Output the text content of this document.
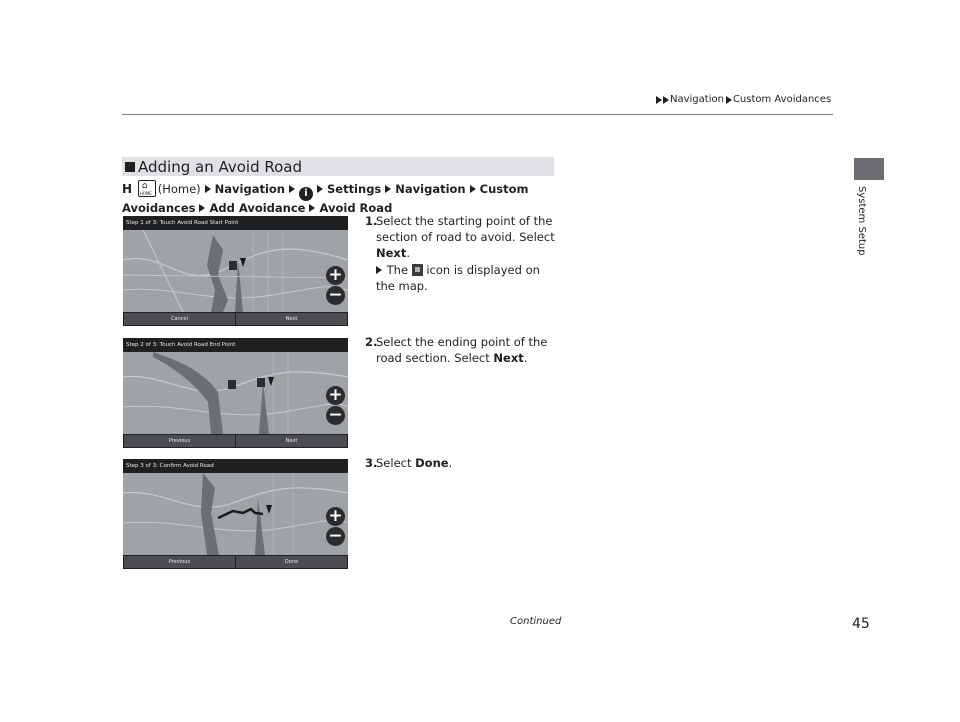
Navigation Custom Avoidances
System Setup
Adding an Avoid Road
H ⌂
HOME (Home) Navigation i Settings Navigation Custom Avoidances Add Avoidance Avoid Road
Step 1 of 3: Touch Avoid Road Start Point
+
−
Cancel	Next
Step 2 of 3: Touch Avoid Road End Point
+
−
Previous	Next
Step 3 of 3: Confirm Avoid Road
+
−
Previous	Done
1.
Select the starting point of the section of road to avoid. Select Next.
The  icon is displayed on the map.
2.
Select the ending point of the road section. Select Next.
3.
Select Done.
Continued	45
